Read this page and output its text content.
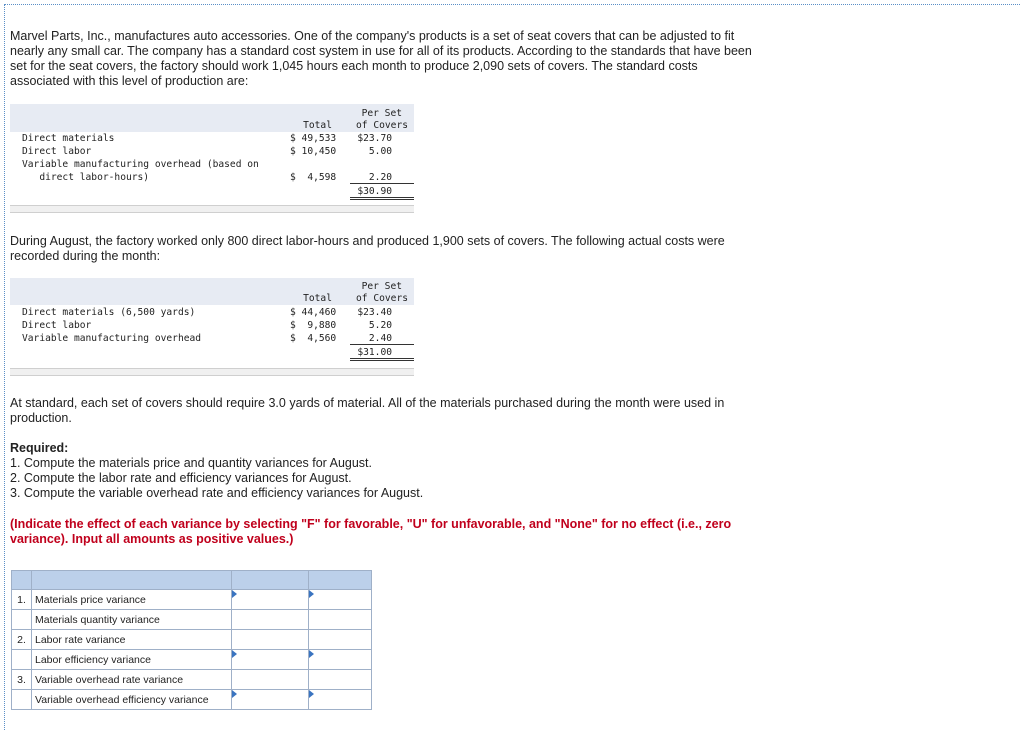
Marvel Parts, Inc., manufactures auto accessories. One of the company's products is a set of seat covers that can be adjusted to fit
nearly any small car. The company has a standard cost system in use for all of its products. According to the standards that have been
set for the seat covers, the factory should work 1,045 hours each month to produce 2,090 sets of covers. The standard costs
associated with this level of production are:
Per Set
of Covers
Total
Direct materials	$ 49,533	$23.70
Direct labor	$ 10,450	5.00
Variable manufacturing overhead (based on
direct labor-hours)	$  4,598	2.20
$30.90
During August, the factory worked only 800 direct labor-hours and produced 1,900 sets of covers. The following actual costs were
recorded during the month:
Per Set
of Covers
Total
Direct materials (6,500 yards)	$ 44,460	$23.40
Direct labor	$  9,880	5.20
Variable manufacturing overhead	$  4,560	2.40
$31.00
At standard, each set of covers should require 3.0 yards of material. All of the materials purchased during the month were used in
production.
Required:
1. Compute the materials price and quantity variances for August.
2. Compute the labor rate and efficiency variances for August.
3. Compute the variable overhead rate and efficiency variances for August.
(Indicate the effect of each variance by selecting "F" for favorable, "U" for unfavorable, and "None" for no effect (i.e., zero
variance). Input all amounts as positive values.)

1.	Materials price variance	

	Materials quantity variance		
2.	Labor rate variance		
	Labor efficiency variance	

3.	Variable overhead rate variance		
	Variable overhead efficiency variance	
